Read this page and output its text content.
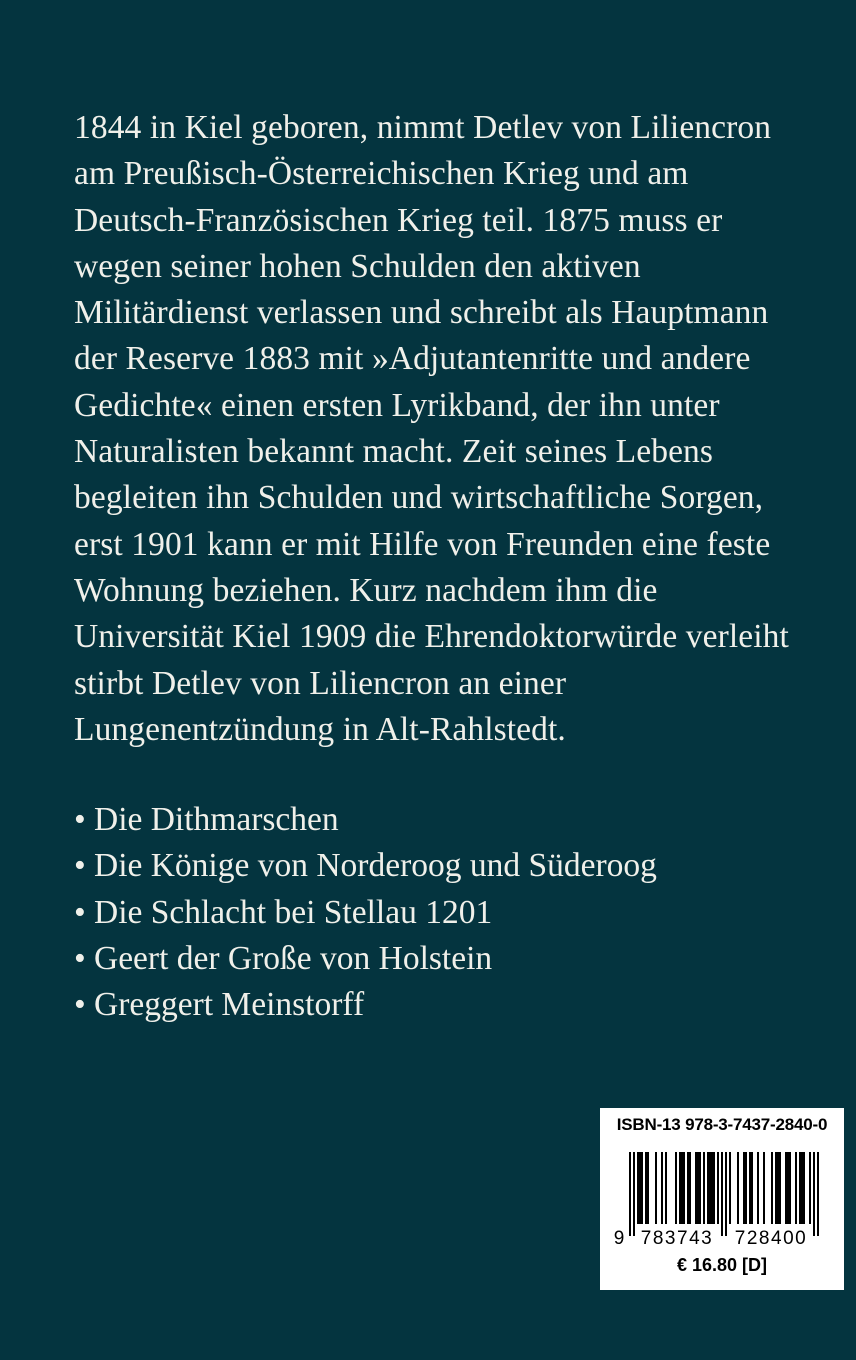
1844 in Kiel geboren, nimmt Detlev von Liliencron
am Preußisch-Österreichischen Krieg und am
Deutsch-Französischen Krieg teil. 1875 muss er
wegen seiner hohen Schulden den aktiven
Militärdienst verlassen und schreibt als Hauptmann
der Reserve 1883 mit »Adjutantenritte und andere
Gedichte« einen ersten Lyrikband, der ihn unter
Naturalisten bekannt macht. Zeit seines Lebens
begleiten ihn Schulden und wirtschaftliche Sorgen,
erst 1901 kann er mit Hilfe von Freunden eine feste
Wohnung beziehen. Kurz nachdem ihm die
Universität Kiel 1909 die Ehrendoktorwürde verleiht
stirbt Detlev von Liliencron an einer
Lungenentzündung in Alt-Rahlstedt.
• Die Dithmarschen
• Die Könige von Norderoog und Süderoog
• Die Schlacht bei Stellau 1201
• Geert der Große von Holstein
• Greggert Meinstorff
ISBN-13 978-3-7437-2840-0
9 783743 728400
€ 16.80 [D]
